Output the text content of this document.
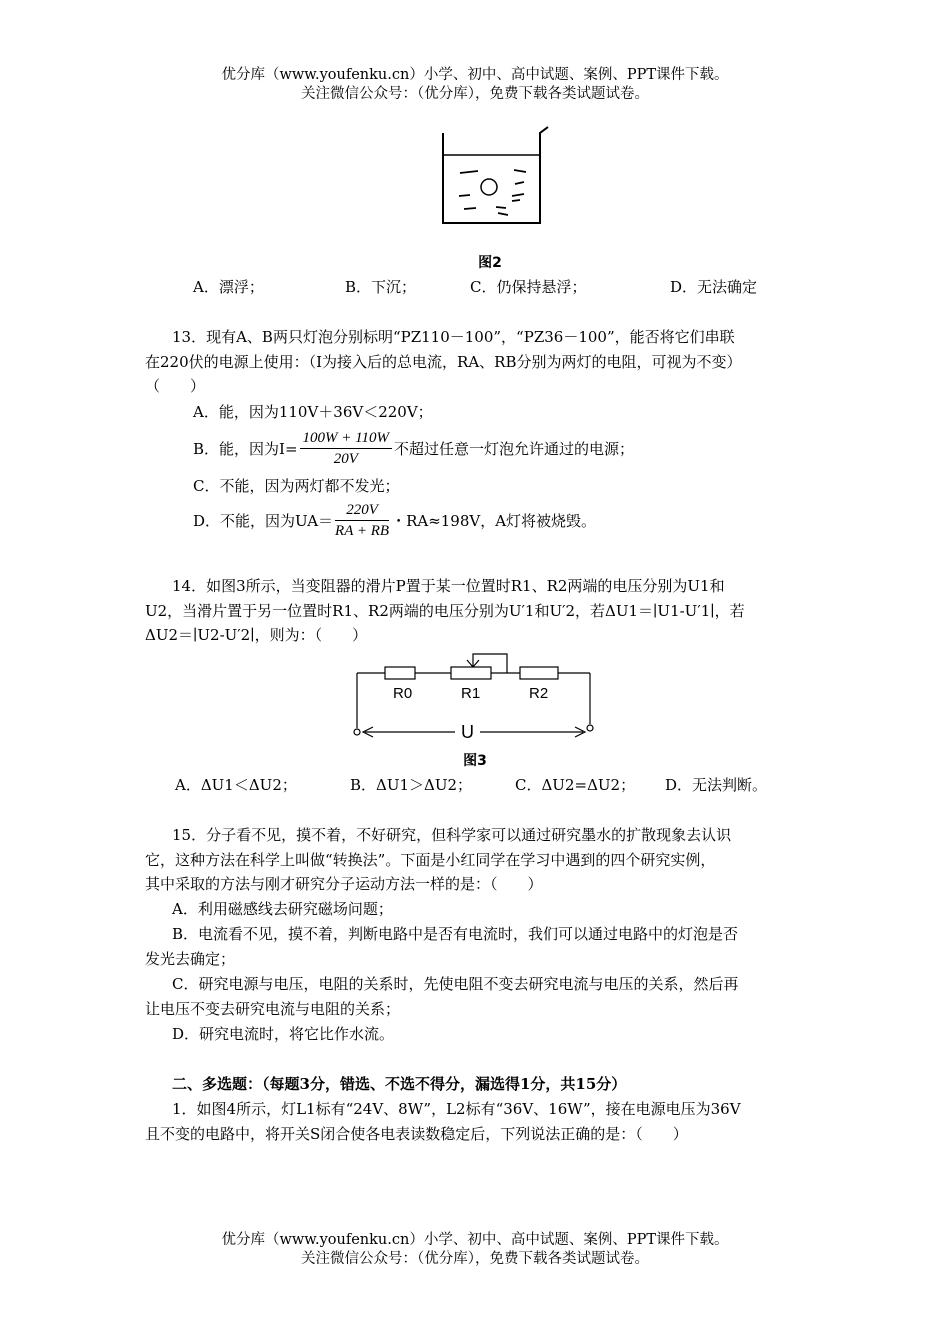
优分库（www.youfenku.cn）小学、初中、高中试题、案例、PPT课件下载。
关注微信公众号：（优分库），免费下载各类试题试卷。
图2
A．漂浮；	B．下沉；	C．仍保持悬浮；	D．无法确定
13．现有A、B两只灯泡分别标明“PZ110－100”，“PZ36－100”，能否将它们串联
在220伏的电源上使用：（I为接入后的总电流，RA、RB分别为两灯的电阻，可视为不变）
（　　）
A．能，因为110V＋36V＜220V；
B．能，因为$I= \frac{100W + 110W}{20V}$ 不超过任意一灯泡允许通过的电源；
C．不能，因为两灯都不发光；
D．不能，因为$UA= \frac{220V}{RA + RB}$ ・RA≈198V，A灯将被烧毁。
14．如图3所示，当变阻器的滑片P置于某一位置时R1、R2两端的电压分别为U1和
U2，当滑片置于另一位置时R1、R2两端的电压分别为U′1和U′2，若ΔU1＝∣U1-U′1∣，若
ΔU2＝∣U2-U′2∣，则为：（　　）
R0	R1	R2
U
图3
A．ΔU1＜ΔU2；	B．ΔU1＞ΔU2；	C．ΔU2=ΔU2； D．无法判断。
15．分子看不见，摸不着，不好研究，但科学家可以通过研究墨水的扩散现象去认识
它，这种方法在科学上叫做“转换法”。下面是小红同学在学习中遇到的四个研究实例，
其中采取的方法与刚才研究分子运动方法一样的是：（　　）
A．利用磁感线去研究磁场问题；
B．电流看不见，摸不着，判断电路中是否有电流时，我们可以通过电路中的灯泡是否
发光去确定；
C．研究电源与电压，电阻的关系时，先使电阻不变去研究电流与电压的关系，然后再
让电压不变去研究电流与电阻的关系；
D．研究电流时，将它比作水流。
二、多选题：（每题3分，错选、不选不得分，漏选得1分，共15分）
1．如图4所示，灯L1标有“24V、8W”，L2标有“36V、16W”，接在电源电压为36V
且不变的电路中，将开关S闭合使各电表读数稳定后，下列说法正确的是：（　　）
优分库（www.youfenku.cn）小学、初中、高中试题、案例、PPT课件下载。
关注微信公众号：（优分库），免费下载各类试题试卷。
